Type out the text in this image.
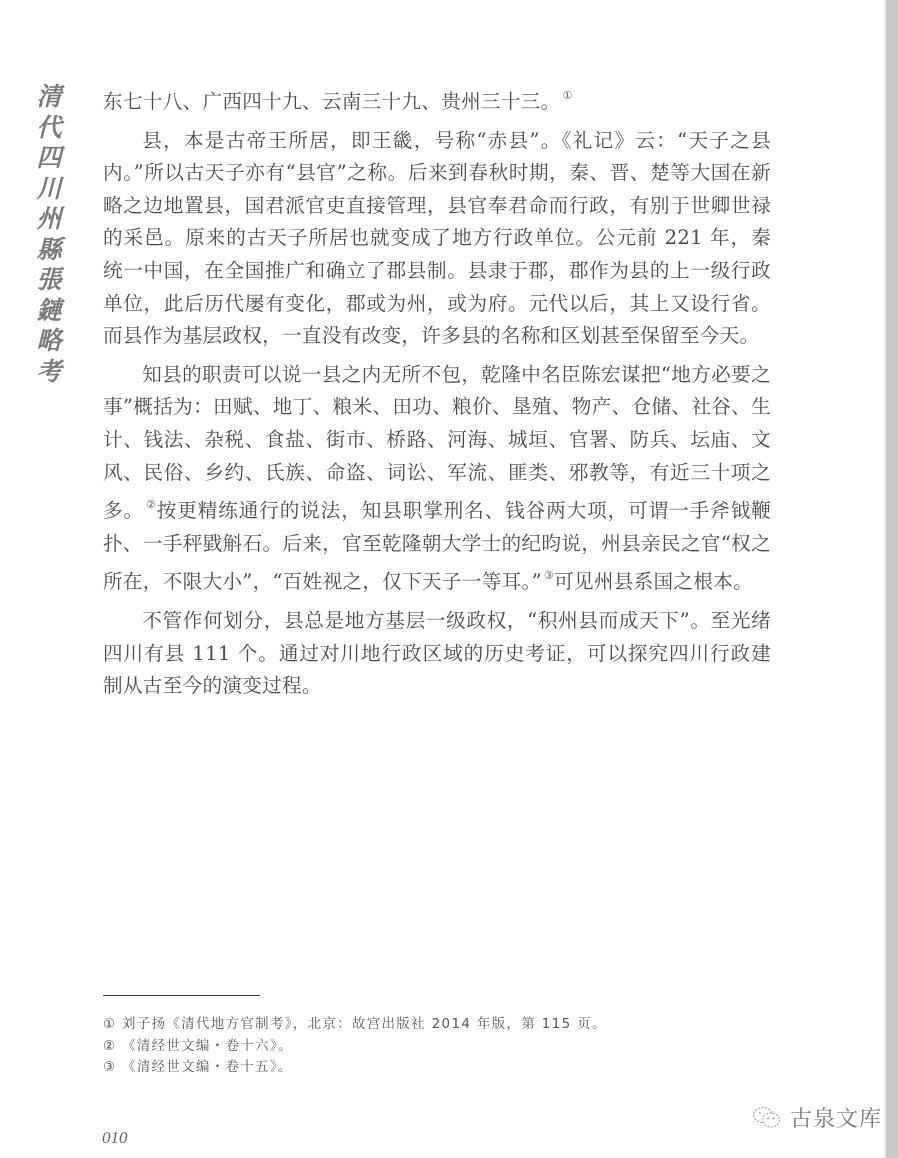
清
代
四
川
州
縣
張
鏈
略
考

东七十八、广西四十九、云南三十九、贵州三十三。 ①

县，本是古帝王所居，即王畿，号称“赤县”。《礼记》云：“天子之县内。”所以古天子亦有“县官”之称。后来到春秋时期，秦、晋、楚等大国在新略之边地置县，国君派官吏直接管理，县官奉君命而行政，有别于世卿世禄的采邑。原来的古天子所居也就变成了地方行政单位。公元前 221 年，秦统一中国，在全国推广和确立了郡县制。县隶于郡，郡作为县的上一级行政单位，此后历代屡有变化，郡或为州，或为府。元代以后，其上又设行省。而县作为基层政权，一直没有改变，许多县的名称和区划甚至保留至今天。

知县的职责可以说一县之内无所不包，乾隆中名臣陈宏谋把“地方必要之事”概括为：田赋、地丁、粮米、田功、粮价、垦殖、物产、仓储、社谷、生计、钱法、杂税、食盐、街市、桥路、河海、城垣、官署、防兵、坛庙、文风、民俗、乡约、氏族、命盗、词讼、军流、匪类、邪教等，有近三十项之多。 ②按更精练通行的说法，知县职掌刑名、钱谷两大项，可谓一手斧钺鞭扑、一手秤戥斛石。后来，官至乾隆朝大学士的纪昀说，州县亲民之官“权之所在，不限大小”，“百姓视之，仅下天子一等耳。” ③可见州县系国之根本。

不管作何划分，县总是地方基层一级政权，“积州县而成天下”。至光绪四川有县 111 个。通过对川地行政区域的历史考证，可以探究四川行政建制从古至今的演变过程。

① 刘子扬《清代地方官制考》，北京：故宫出版社 2014 年版，第 115 页。
② 《清经世文编・卷十六》。
③ 《清经世文编・卷十五》。
010
古泉文库
